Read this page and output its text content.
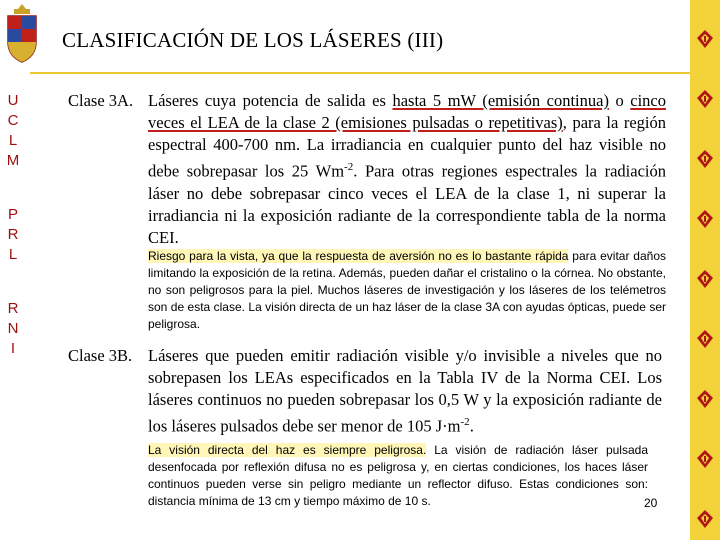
U
C
L
M
P
R
L
R
N
I
CLASIFICACIÓN DE LOS LÁSERES (III)
Clase 3A. Láseres cuya potencia de salida es hasta 5 mW (emisión continua) o cinco veces el LEA de la clase 2 (emisiones pulsadas o repetitivas), para la región espectral 400-700 nm. La irradiancia en cualquier punto del haz visible no debe sobrepasar los 25 $Wm^{-2}$. Para otras regiones espectrales la radiación láser no debe sobrepasar cinco veces el LEA de la clase 1, ni superar la irradiancia ni la exposición radiante de la correspondiente tabla de la norma CEI.
Riesgo para la vista, ya que la respuesta de aversión no es lo bastante rápida para evitar daños limitando la exposición de la retina. Además, pueden dañar el cristalino o la córnea. No obstante, no son peligrosos para la piel. Muchos láseres de investigación y los láseres de los telémetros son de esta clase. La visión directa de un haz láser de la clase 3A con ayudas ópticas, puede ser peligrosa.
Clase 3B. Láseres que pueden emitir radiación visible y/o invisible a niveles que no sobrepasen los LEAs especificados en la Tabla IV de la Norma CEI. Los láseres continuos no pueden sobrepasar los 0,5 W y la exposición radiante de los láseres pulsados debe ser menor de 105 $J\cdot m^{-2}$.
La visión directa del haz es siempre peligrosa. La visión de radiación láser pulsada desenfocada por reflexión difusa no es peligrosa y, en ciertas condiciones, los haces láser continuos pueden verse sin peligro mediante un reflector difuso. Estas condiciones son: distancia mínima de 13 cm y tiempo máximo de 10 s.	20
